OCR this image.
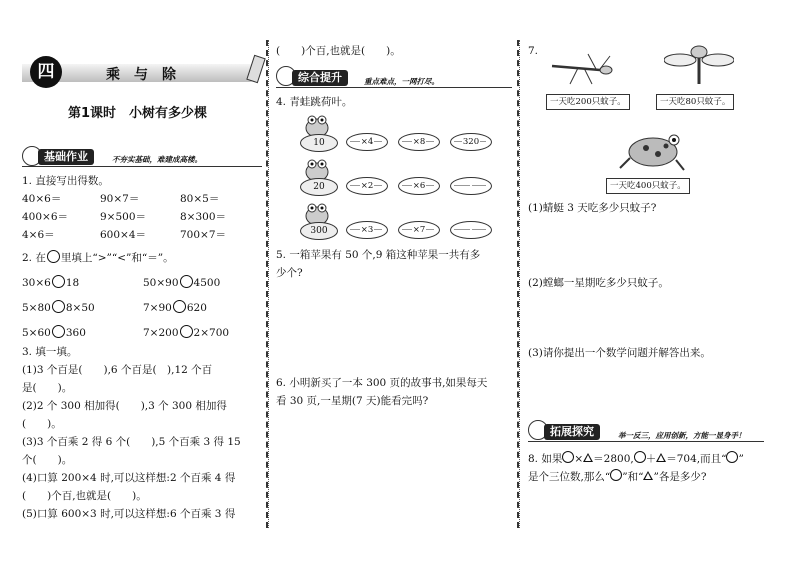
四	乘与除
第1课时　小树有多少棵
基础作业	不夯实基础，难建成高楼。
1. 直接写出得数。
40×6＝	90×7＝	80×5＝
400×6＝	9×500＝	8×300＝
4×6＝	600×4＝	700×7＝
2. 在 里填上“>”“<”和“＝”。
30×6 18	50×90 4500
5×80 8×50	7×90 620
5×60 360	7×200 2×700
3. 填一填。
(1)3 个百是(　　),6 个百是(　),12 个百
是(　　)。
(2)2 个 300 相加得(　　),3 个 300 相加得
(　　)。
(3)3 个百乘 2 得 6 个(　　),5 个百乘 3 得 15
个(　　)。
(4)口算 200×4 时,可以这样想:2 个百乘 4 得
(　　)个百,也就是(　　)。
(5)口算 600×3 时,可以这样想:6 个百乘 3 得
(　　)个百,也就是(　　)。
综合提升	重点难点，一网打尽。
4. 青蛙跳荷叶。
10	×4	×8	320
20	×2	×6
300	×3	×7
5. 一箱苹果有 50 个,9 箱这种苹果一共有多
少个?
6. 小明新买了一本 300 页的故事书,如果每天
看 30 页,一星期(7 天)能看完吗?
7.
一天吃200只蚊子。	一天吃80只蚊子。
一天吃400只蚊子。
(1)蜻蜓 3 天吃多少只蚊子?
(2)螳螂一星期吃多少只蚊子。
(3)请你提出一个数学问题并解答出来。
拓展探究	举一反三，应用创新，方能一显身手！
8. 如果 × ＝2800, ＋ ＝704,而且“ ”
是个三位数,那么“ ”和“ ”各是多少?
